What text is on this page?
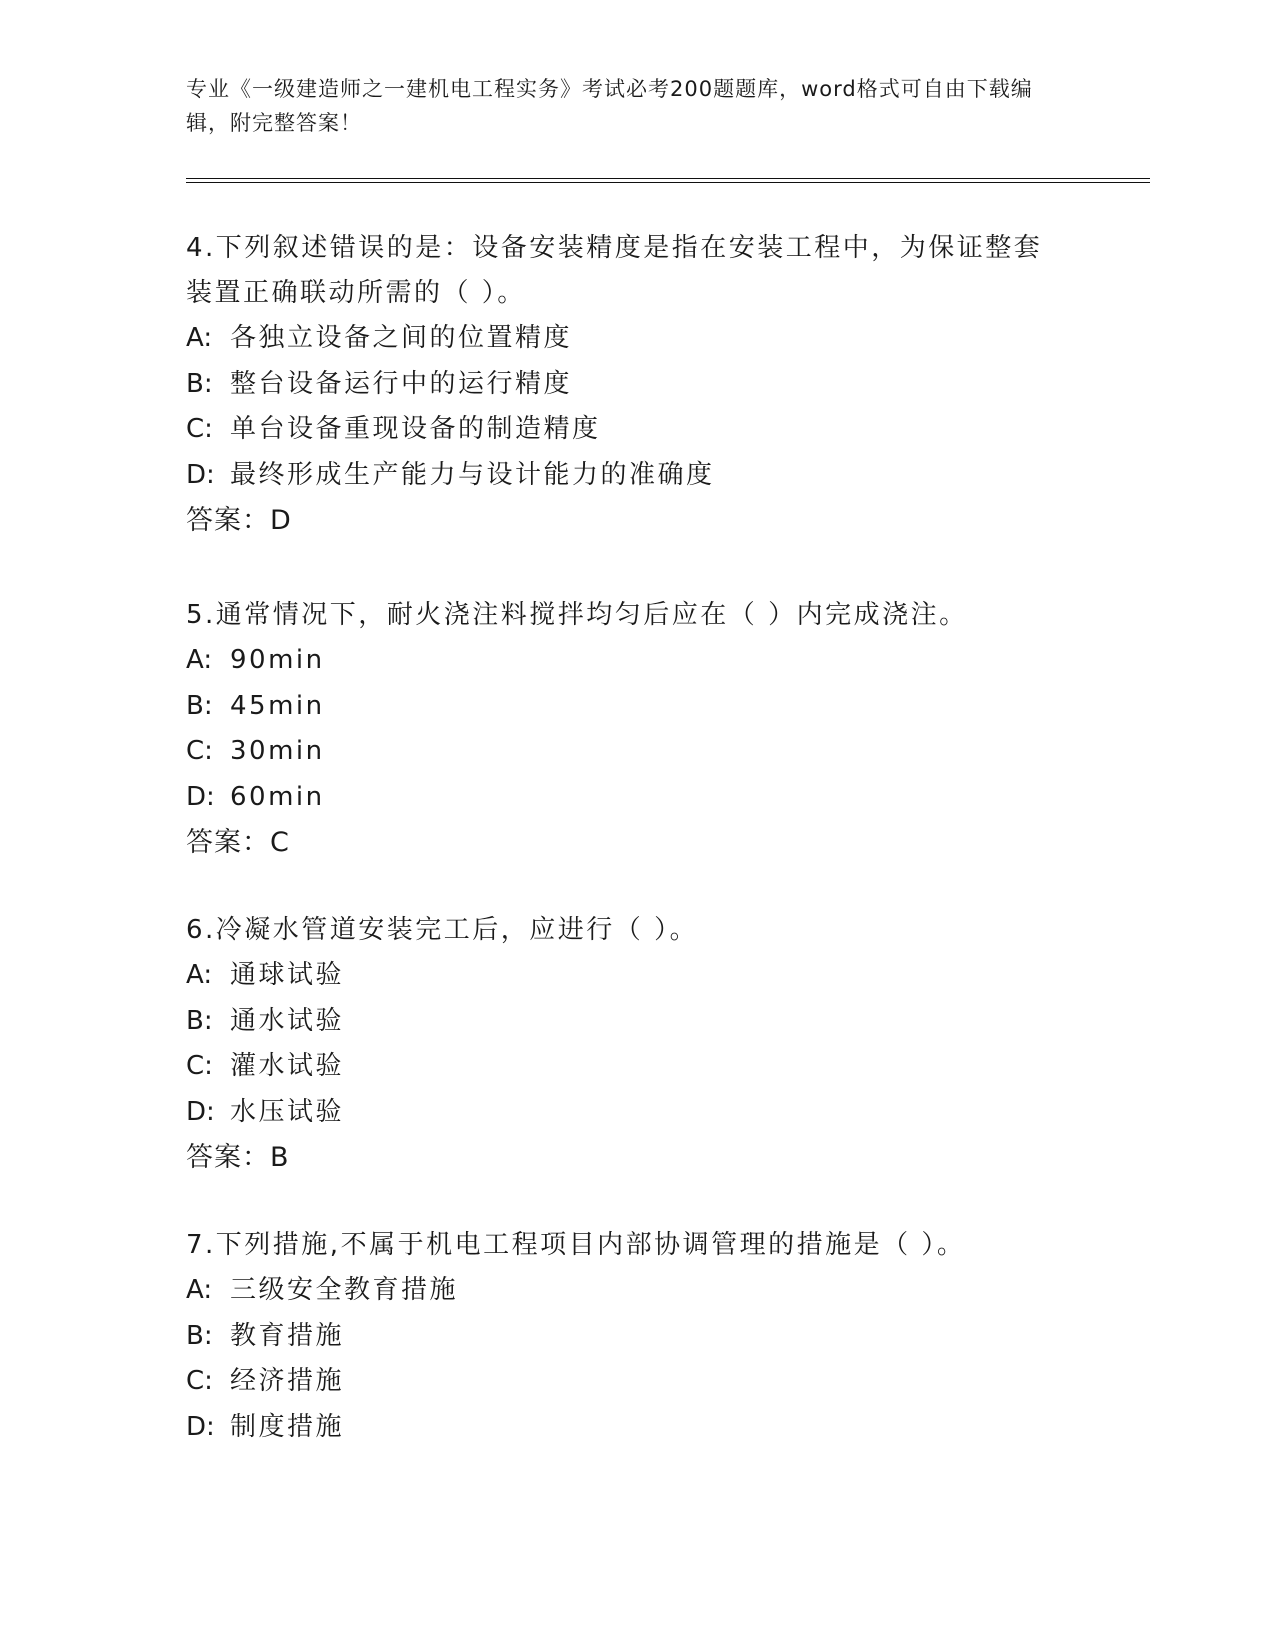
专业《一级建造师之一建机电工程实务》考试必考200题题库，word格式可自由下载编辑，附完整答案！
4.下列叙述错误的是：设备安装精度是指在安装工程中，为保证整套装置正确联动所需的（ ）。
A: 各独立设备之间的位置精度
B: 整台设备运行中的运行精度
C: 单台设备重现设备的制造精度
D: 最终形成生产能力与设计能力的准确度
答案：D
5.通常情况下，耐火浇注料搅拌均匀后应在（ ）内完成浇注。
A: 90min
B: 45min
C: 30min
D: 60min
答案：C
6.冷凝水管道安装完工后，应进行（ ）。
A: 通球试验
B: 通水试验
C: 灌水试验
D: 水压试验
答案：B
7.下列措施,不属于机电工程项目内部协调管理的措施是（ ）。
A: 三级安全教育措施
B: 教育措施
C: 经济措施
D: 制度措施
